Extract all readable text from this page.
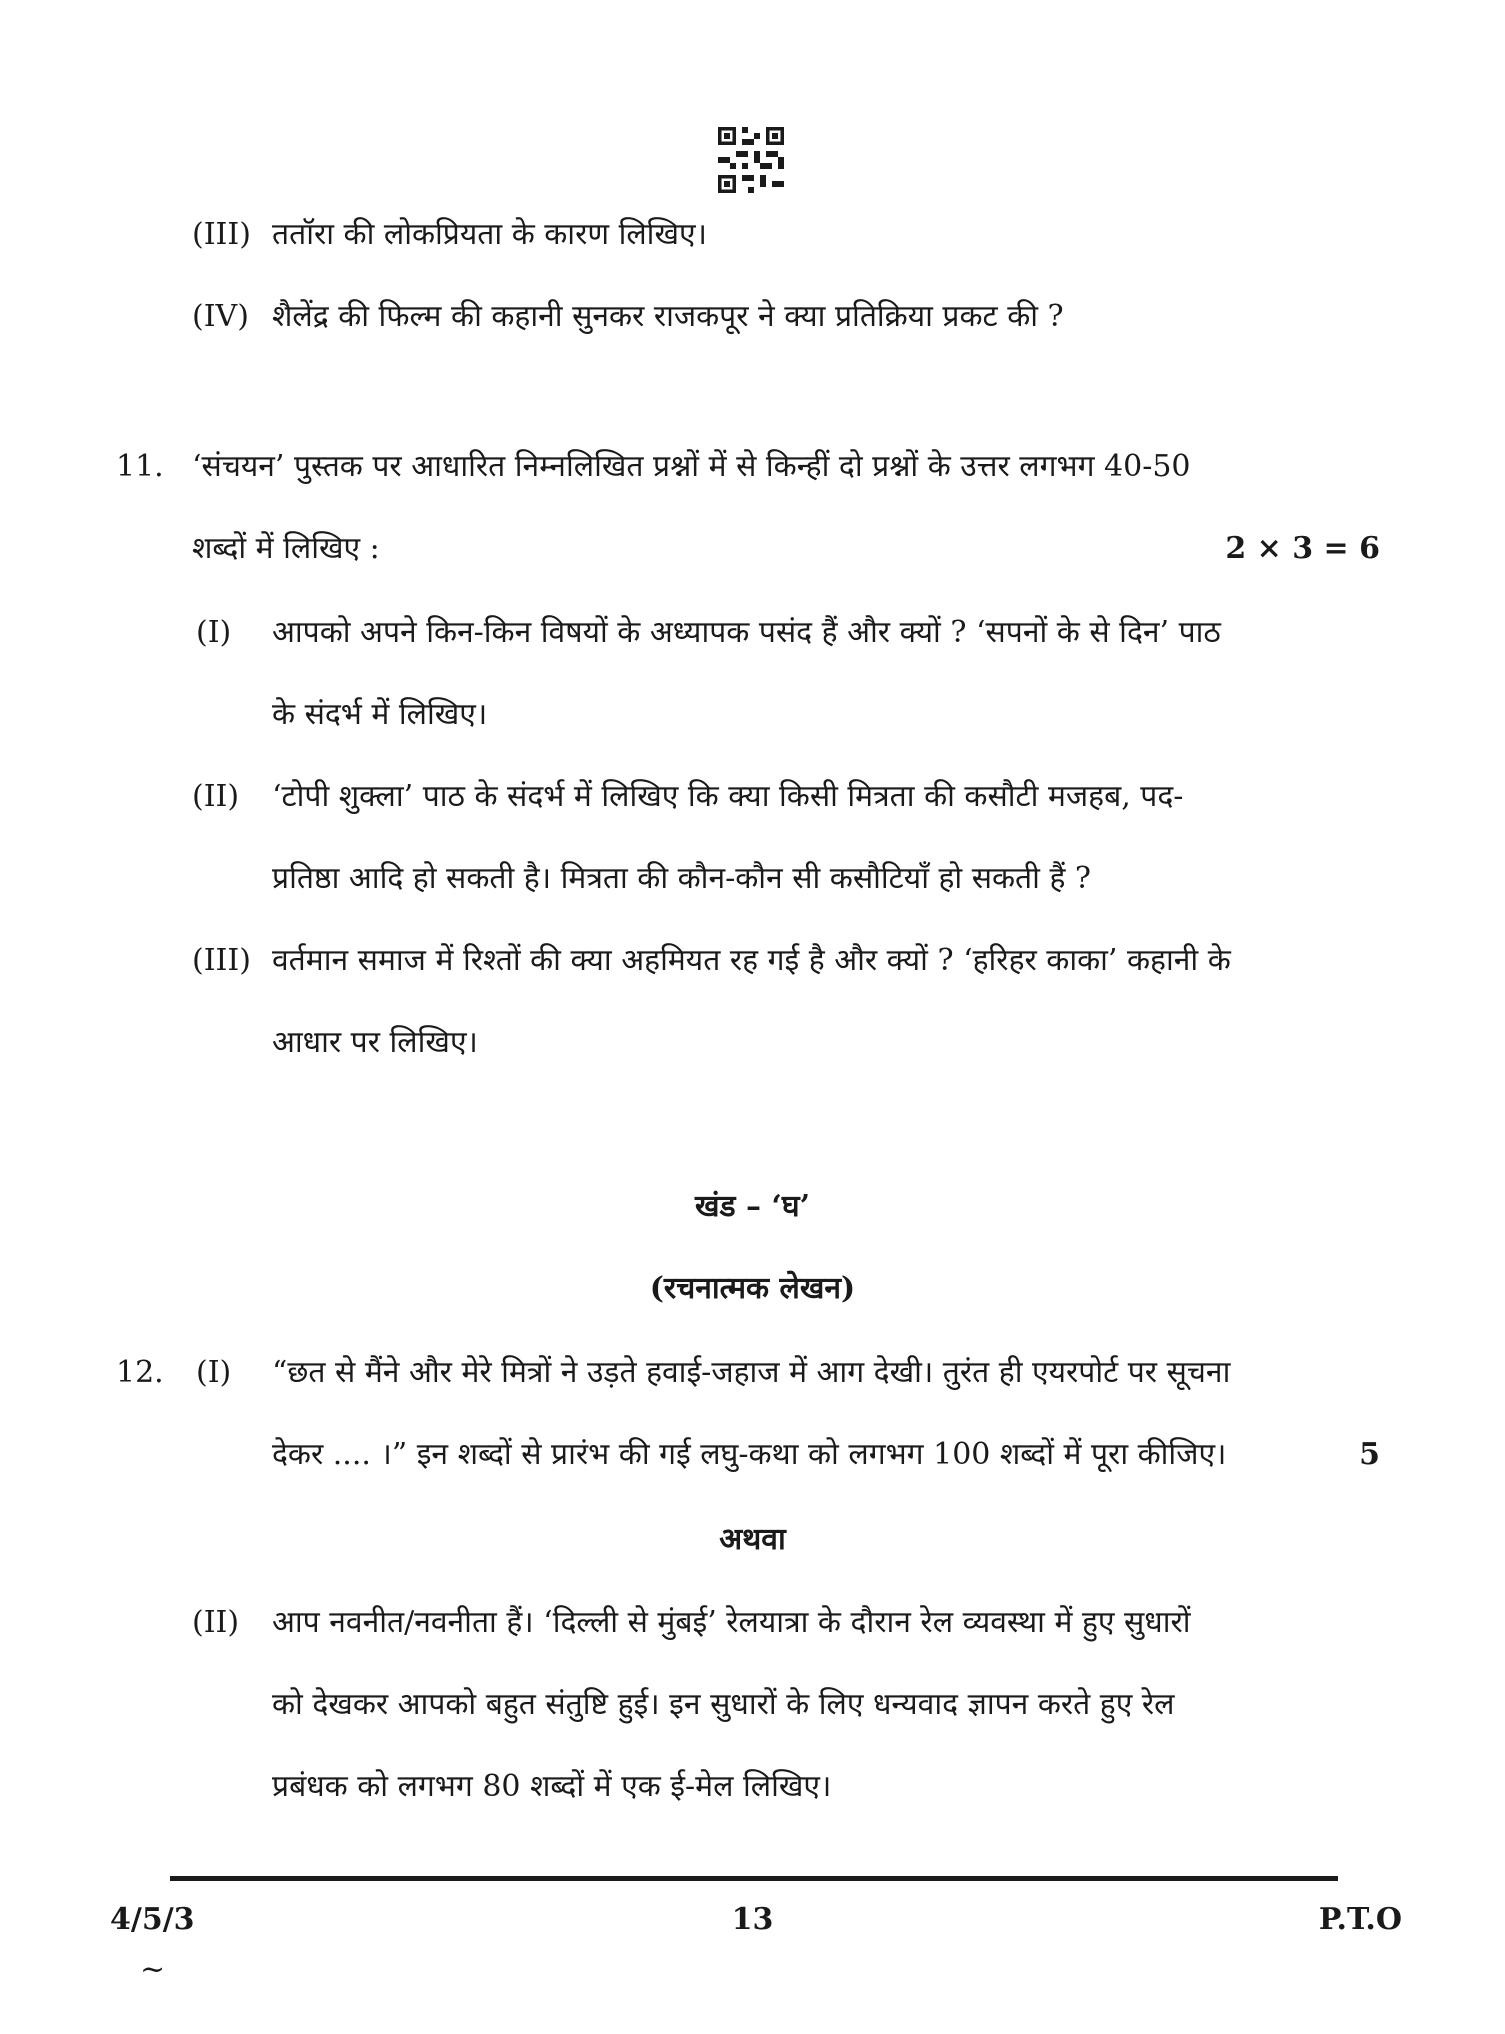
(III) ततॉरा की लोकप्रियता के कारण लिखिए।
(IV) शैलेंद्र की फिल्म की कहानी सुनकर राजकपूर ने क्या प्रतिक्रिया प्रकट की ?
11. ‘संचयन’ पुस्तक पर आधारित निम्नलिखित प्रश्नों में से किन्हीं दो प्रश्नों के उत्तर लगभग 40-50
शब्दों में लिखिए :	2 × 3 = 6
(I) आपको अपने किन-किन विषयों के अध्यापक पसंद हैं और क्यों ? ‘सपनों के से दिन’ पाठ
के संदर्भ में लिखिए।
(II) ‘टोपी शुक्ला’ पाठ के संदर्भ में लिखिए कि क्या किसी मित्रता की कसौटी मजहब, पद-
प्रतिष्ठा आदि हो सकती है। मित्रता की कौन-कौन सी कसौटियाँ हो सकती हैं ?
(III) वर्तमान समाज में रिश्तों की क्या अहमियत रह गई है और क्यों ? ‘हरिहर काका’ कहानी के
आधार पर लिखिए।
खंड – ‘घ’
(रचनात्मक लेखन)
12. (I) “छत से मैंने और मेरे मित्रों ने उड़ते हवाई-जहाज में आग देखी। तुरंत ही एयरपोर्ट पर सूचना
देकर .... ।” इन शब्दों से प्रारंभ की गई लघु-कथा को लगभग 100 शब्दों में पूरा कीजिए।	5
अथवा
(II) आप नवनीत/नवनीता हैं। ‘दिल्ली से मुंबई’ रेलयात्रा के दौरान रेल व्यवस्था में हुए सुधारों
को देखकर आपको बहुत संतुष्टि हुई। इन सुधारों के लिए धन्यवाद ज्ञापन करते हुए रेल
प्रबंधक को लगभग 80 शब्दों में एक ई-मेल लिखिए।
4/5/3	13	P.T.O
~
